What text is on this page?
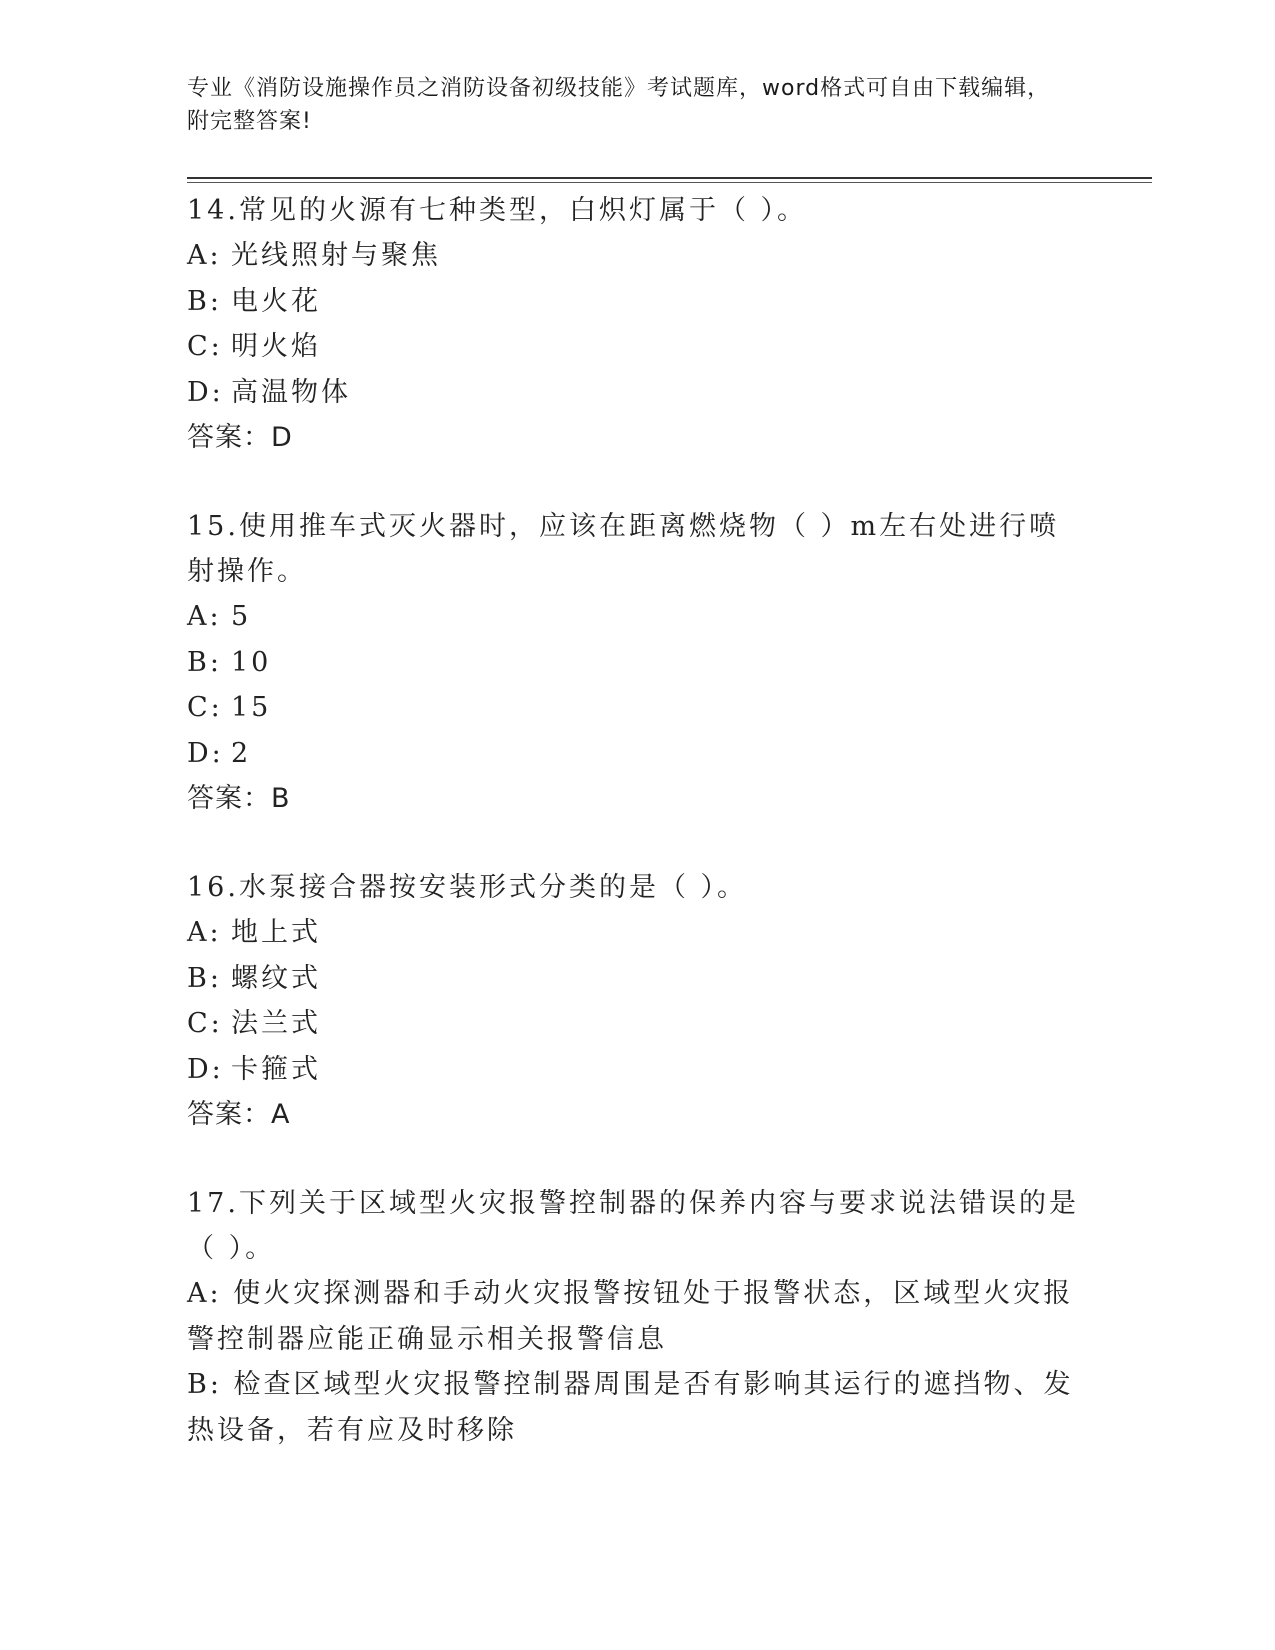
专业《消防设施操作员之消防设备初级技能》考试题库，word格式可自由下载编辑，附完整答案!

14.常见的火源有七种类型，白炽灯属于（ ）。

A: 光线照射与聚焦

B: 电火花

C: 明火焰

D: 高温物体

答案：D

15.使用推车式灭火器时，应该在距离燃烧物（ ）m左右处进行喷射操作。

A: 5

B: 10

C: 15

D: 2

答案：B

16.水泵接合器按安装形式分类的是（ ）。

A: 地上式

B: 螺纹式

C: 法兰式

D: 卡箍式

答案：A

17.下列关于区域型火灾报警控制器的保养内容与要求说法错误的是（ ）。

A: 使火灾探测器和手动火灾报警按钮处于报警状态，区域型火灾报警控制器应能正确显示相关报警信息

B: 检查区域型火灾报警控制器周围是否有影响其运行的遮挡物、发热设备，若有应及时移除
